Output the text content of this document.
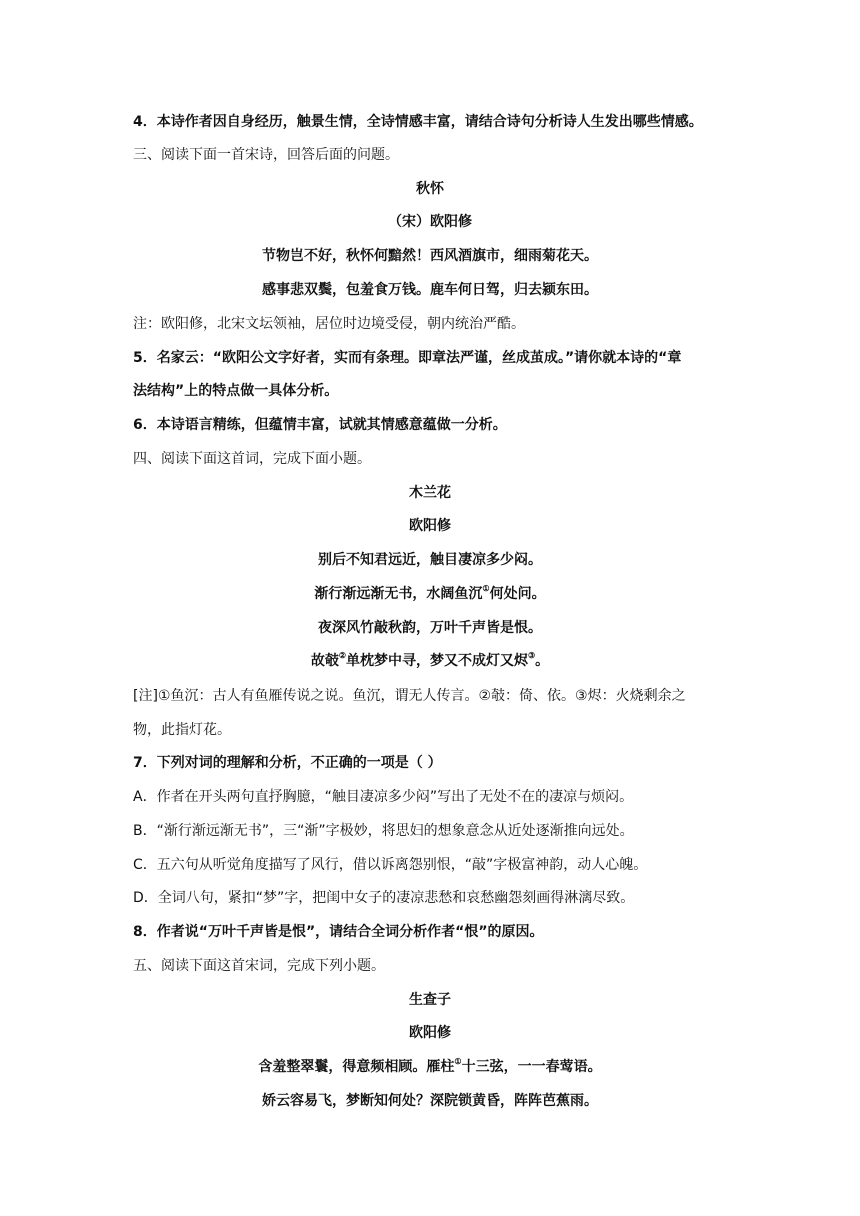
4．本诗作者因自身经历，触景生情，全诗情感丰富，请结合诗句分析诗人生发出哪些情感。
三、阅读下面一首宋诗，回答后面的问题。
秋怀
（宋）欧阳修
节物岂不好，秋怀何黯然！西风酒旗市，细雨菊花天。
感事悲双鬓，包羞食万钱。鹿车何日驾，归去颍东田。
注：欧阳修，北宋文坛领袖，居位时边境受侵，朝内统治严酷。
5．名家云：“欧阳公文字好者，实而有条理。即章法严谨，丝成茧成。”请你就本诗的“章
法结构”上的特点做一具体分析。
6．本诗语言精练，但蕴情丰富，试就其情感意蕴做一分析。
四、阅读下面这首词，完成下面小题。
木兰花
欧阳修
别后不知君远近，触目凄凉多少闷。
渐行渐远渐无书，水阔鱼沉①何处问。
夜深风竹敲秋韵，万叶千声皆是恨。
故攲②单枕梦中寻，梦又不成灯又烬③。
[注]①鱼沉：古人有鱼雁传说之说。鱼沉，谓无人传言。②攲：倚、依。③烬：火烧剩余之
物，此指灯花。
7．下列对词的理解和分析，不正确的一项是（ ）
A．作者在开头两句直抒胸臆，“触目凄凉多少闷”写出了无处不在的凄凉与烦闷。
B．“渐行渐远渐无书”，三“渐”字极妙，将思妇的想象意念从近处逐渐推向远处。
C．五六句从听觉角度描写了风行，借以诉离怨别恨，“敲”字极富神韵，动人心魄。
D．全词八句，紧扣“梦”字，把闺中女子的凄凉悲愁和哀愁幽怨刻画得淋漓尽致。
8．作者说“万叶千声皆是恨”，请结合全词分析作者“恨”的原因。
五、阅读下面这首宋词，完成下列小题。
生查子
欧阳修
含羞整翠鬟，得意频相顾。雁柱①十三弦，一一春莺语。
娇云容易飞，梦断知何处？深院锁黄昏，阵阵芭蕉雨。
